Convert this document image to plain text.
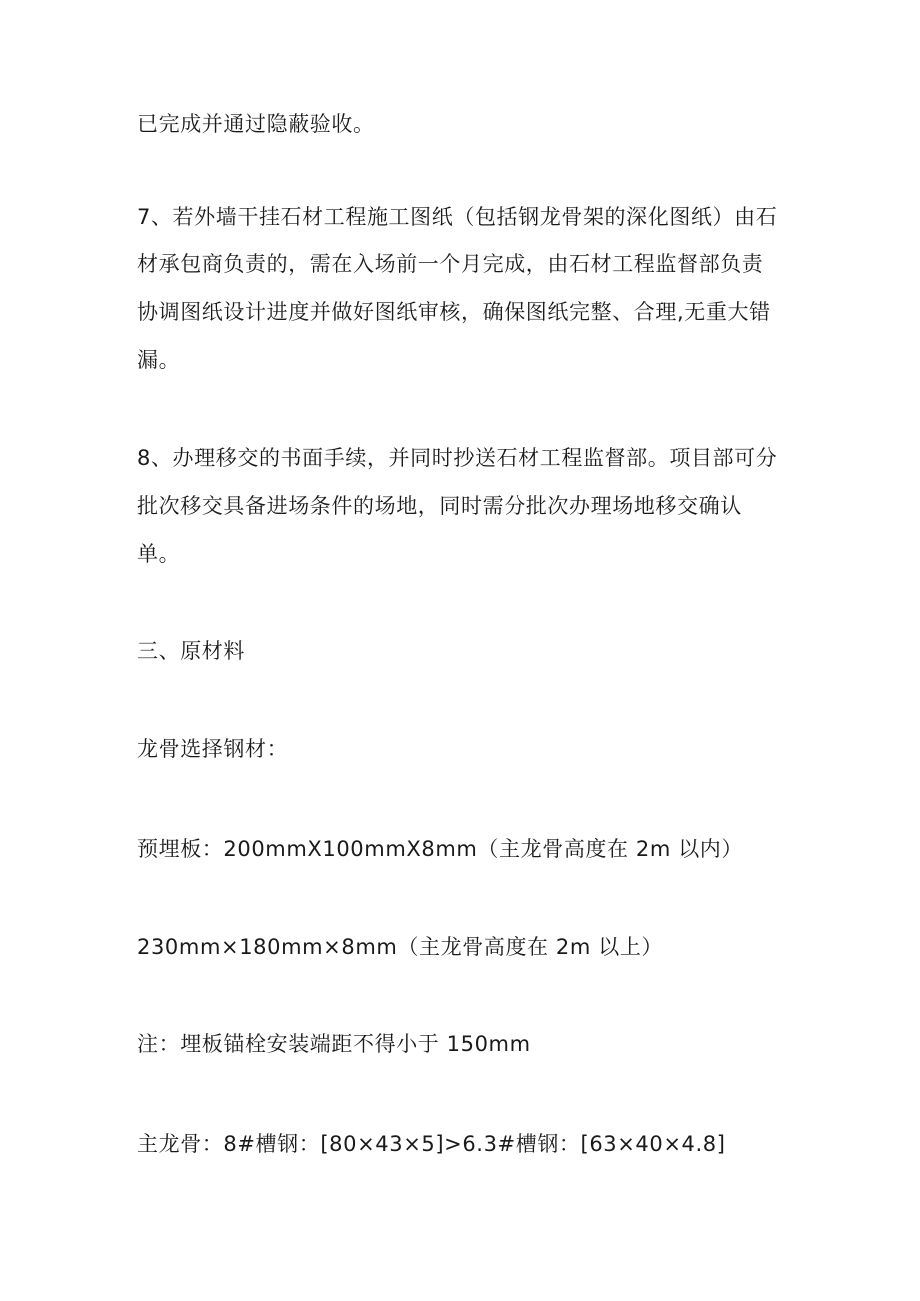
已完成并通过隐蔽验收。
7、若外墙干挂石材工程施工图纸（包括钢龙骨架的深化图纸）由石
材承包商负责的，需在入场前一个月完成，由石材工程监督部负责
协调图纸设计进度并做好图纸审核，确保图纸完整、合理,无重大错
漏。
8、办理移交的书面手续，并同时抄送石材工程监督部。项目部可分
批次移交具备进场条件的场地，同时需分批次办理场地移交确认
单。
三、原材料
龙骨选择钢材：
预埋板：200mmX100mmX8mm（主龙骨高度在 2m 以内）
230mm×180mm×8mm（主龙骨高度在 2m 以上）
注：埋板锚栓安装端距不得小于 150mm
主龙骨：8#槽钢：[80×43×5]>6.3#槽钢：[63×40×4.8]
